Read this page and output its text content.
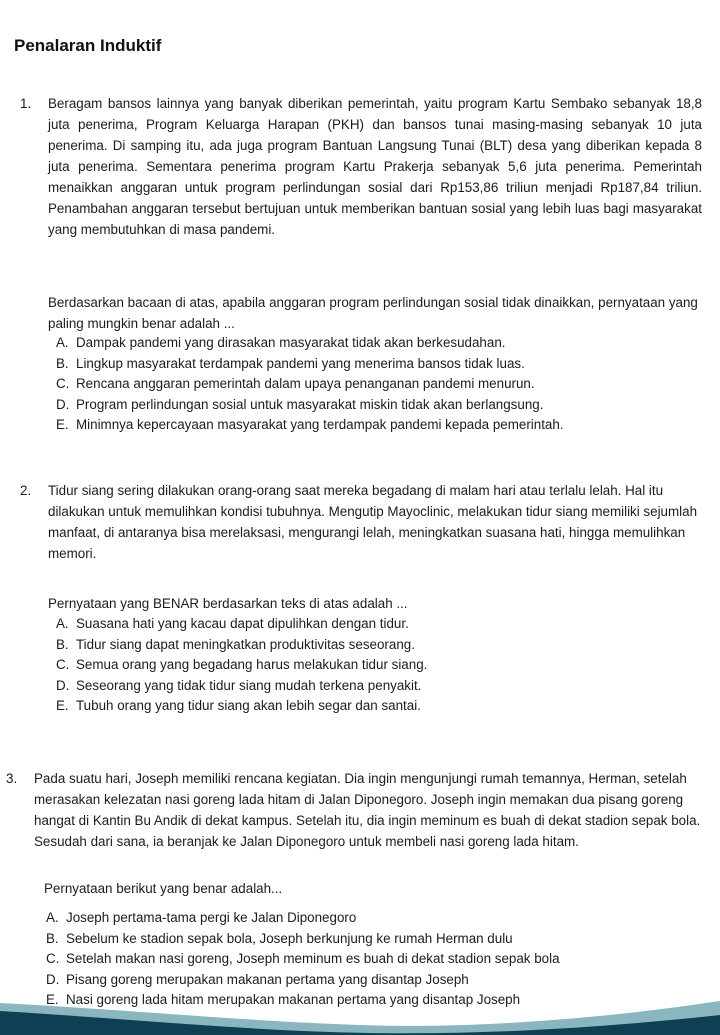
Penalaran Induktif
1. Beragam bansos lainnya yang banyak diberikan pemerintah, yaitu program Kartu Sembako sebanyak 18,8 juta penerima, Program Keluarga Harapan (PKH) dan bansos tunai masing-masing sebanyak 10 juta penerima. Di samping itu, ada juga program Bantuan Langsung Tunai (BLT) desa yang diberikan kepada 8 juta penerima. Sementara penerima program Kartu Prakerja sebanyak 5,6 juta penerima. Pemerintah menaikkan anggaran untuk program perlindungan sosial dari Rp153,86 triliun menjadi Rp187,84 triliun. Penambahan anggaran tersebut bertujuan untuk memberikan bantuan sosial yang lebih luas bagi masyarakat yang membutuhkan di masa pandemi.
Berdasarkan bacaan di atas, apabila anggaran program perlindungan sosial tidak dinaikkan, pernyataan yang paling mungkin benar adalah ...
A. Dampak pandemi yang dirasakan masyarakat tidak akan berkesudahan.
B. Lingkup masyarakat terdampak pandemi yang menerima bansos tidak luas.
C. Rencana anggaran pemerintah dalam upaya penanganan pandemi menurun.
D. Program perlindungan sosial untuk masyarakat miskin tidak akan berlangsung.
E. Minimnya kepercayaan masyarakat yang terdampak pandemi kepada pemerintah.
2. Tidur siang sering dilakukan orang-orang saat mereka begadang di malam hari atau terlalu lelah. Hal itu dilakukan untuk memulihkan kondisi tubuhnya. Mengutip Mayoclinic, melakukan tidur siang memiliki sejumlah manfaat, di antaranya bisa merelaksasi, mengurangi lelah, meningkatkan suasana hati, hingga memulihkan memori.
Pernyataan yang BENAR berdasarkan teks di atas adalah ...
A. Suasana hati yang kacau dapat dipulihkan dengan tidur.
B. Tidur siang dapat meningkatkan produktivitas seseorang.
C. Semua orang yang begadang harus melakukan tidur siang.
D. Seseorang yang tidak tidur siang mudah terkena penyakit.
E. Tubuh orang yang tidur siang akan lebih segar dan santai.
3. Pada suatu hari, Joseph memiliki rencana kegiatan. Dia ingin mengunjungi rumah temannya, Herman, setelah merasakan kelezatan nasi goreng lada hitam di Jalan Diponegoro. Joseph ingin memakan dua pisang goreng hangat di Kantin Bu Andik di dekat kampus. Setelah itu, dia ingin meminum es buah di dekat stadion sepak bola. Sesudah dari sana, ia beranjak ke Jalan Diponegoro untuk membeli nasi goreng lada hitam.
Pernyataan berikut yang benar adalah...
A. Joseph pertama-tama pergi ke Jalan Diponegoro
B. Sebelum ke stadion sepak bola, Joseph berkunjung ke rumah Herman dulu
C. Setelah makan nasi goreng, Joseph meminum es buah di dekat stadion sepak bola
D. Pisang goreng merupakan makanan pertama yang disantap Joseph
E. Nasi goreng lada hitam merupakan makanan pertama yang disantap Joseph
